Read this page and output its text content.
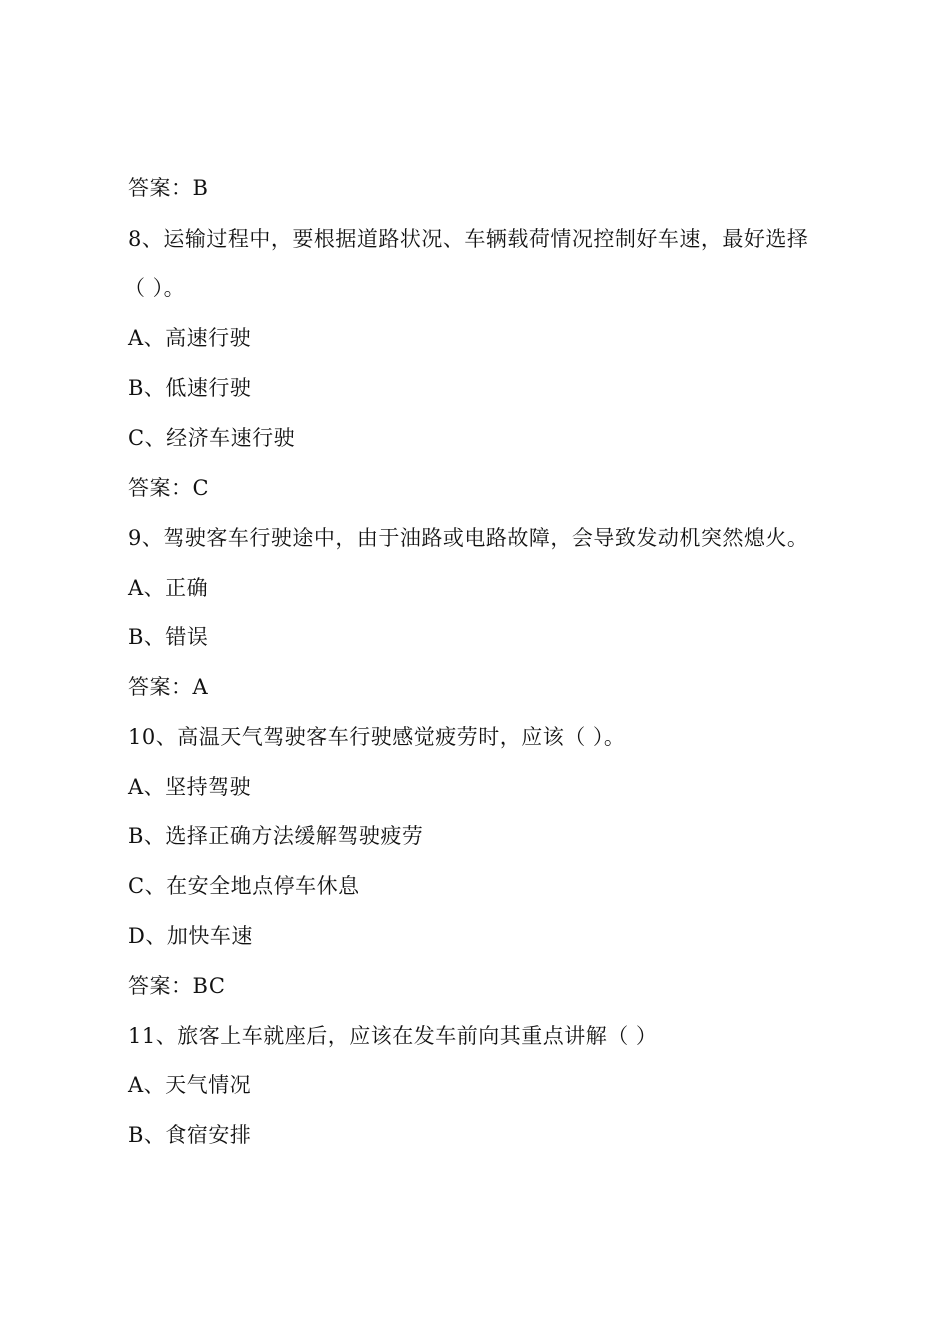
答案：B
8、运输过程中，要根据道路状况、车辆载荷情况控制好车速，最好选择
（ ）。
A、高速行驶
B、低速行驶
C、经济车速行驶
答案：C
9、驾驶客车行驶途中，由于油路或电路故障，会导致发动机突然熄火。
A、正确
B、错误
答案：A
10、高温天气驾驶客车行驶感觉疲劳时，应该（ ）。
A、坚持驾驶
B、选择正确方法缓解驾驶疲劳
C、在安全地点停车休息
D、加快车速
答案：BC
11、旅客上车就座后，应该在发车前向其重点讲解（ ）
A、天气情况
B、食宿安排
